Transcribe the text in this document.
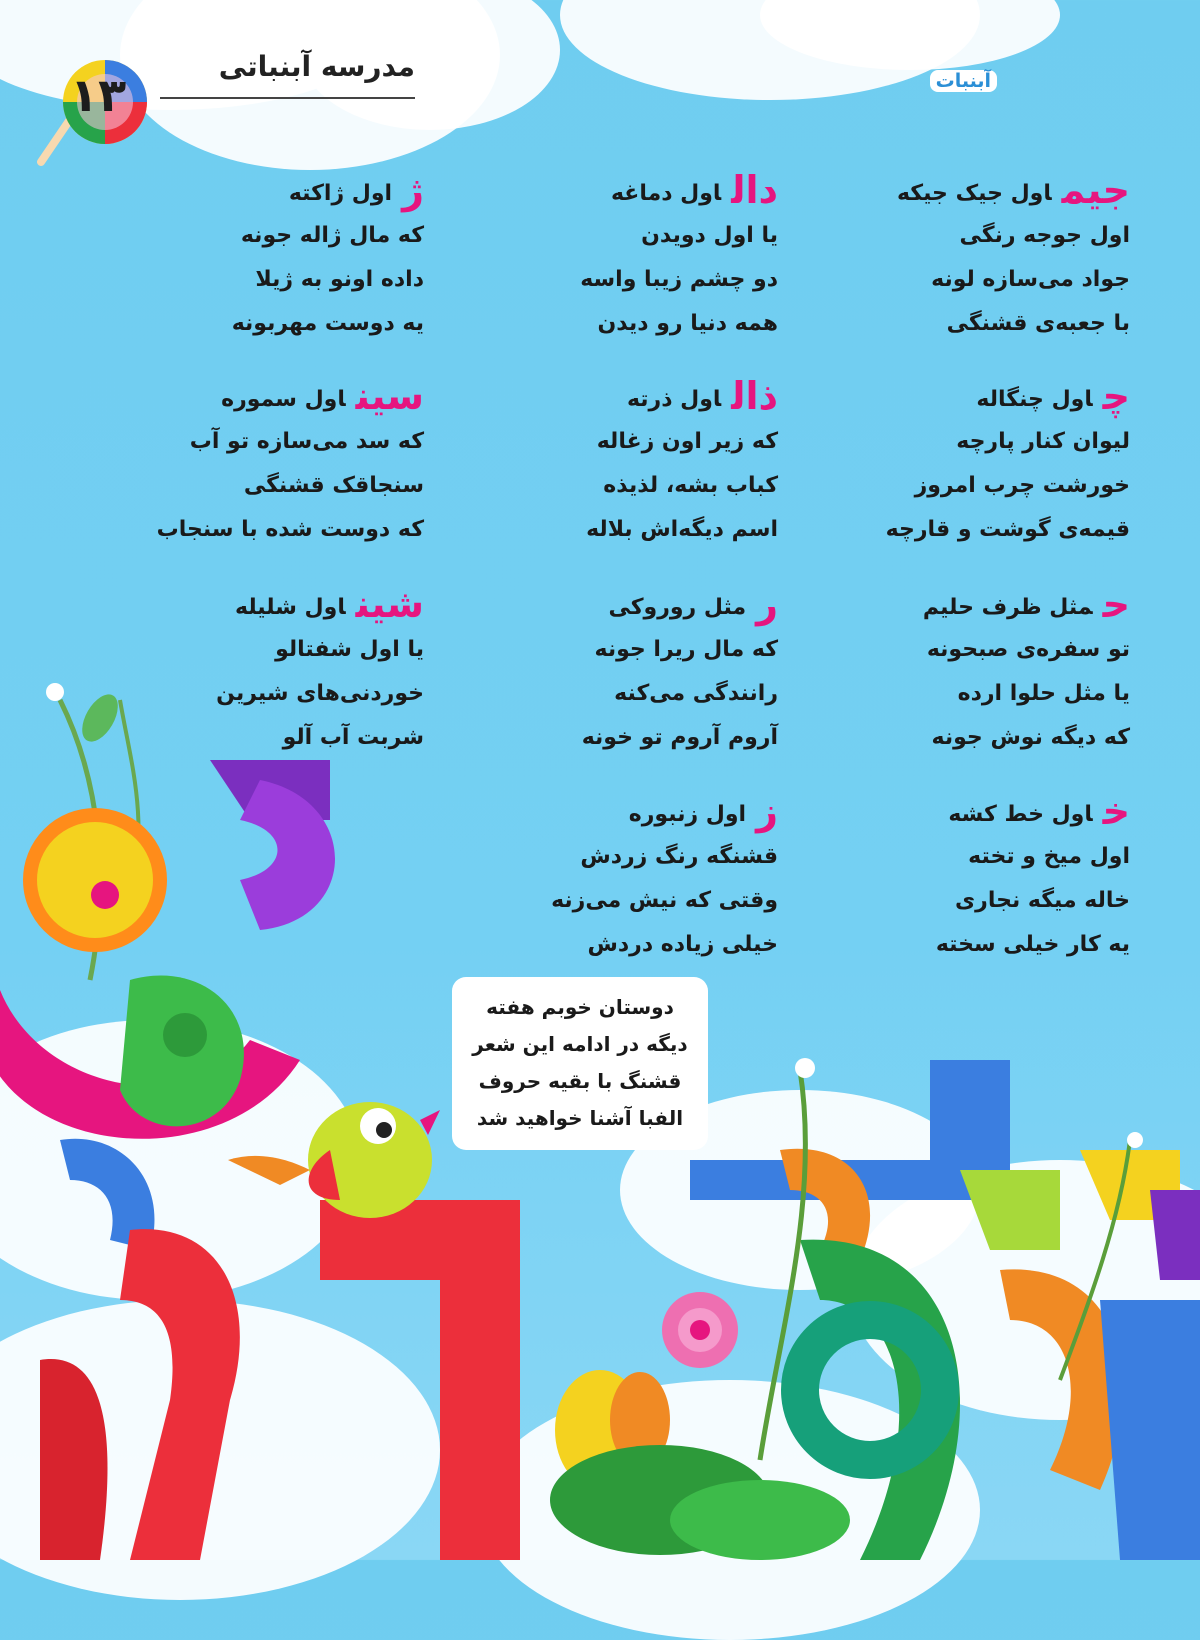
مدرسه آبنباتی
۱۳	آبنبات
جیماول جیک جیکه
اول جوجه رنگی
جواد می‌سازه لونه
با جعبه‌ی قشنگی
چاول چنگاله
لیوان کنار پارچه
خورشت چرب امروز
قیمه‌ی گوشت و قارچه
حمثل ظرف حلیم
تو سفره‌ی صبحونه
یا مثل حلوا ارده
که دیگه نوش جونه
خاول خط کشه
اول میخ و تخته
خاله میگه نجاری
یه کار خیلی سخته
دالاول دماغه
یا اول دویدن
دو چشم زیبا واسه
همه دنیا رو دیدن
ذالاول ذرته
که زیر اون زغاله
کباب بشه، لذیذه
اسم دیگه‌اش بلاله
رمثل روروکی
که مال ریرا جونه
رانندگی می‌کنه
آروم آروم تو خونه
زاول زنبوره
قشنگه رنگ زردش
وقتی که نیش می‌زنه
خیلی زیاده دردش
ژاول ژاکته
که مال ژاله جونه
داده اونو به ژیلا
یه دوست مهربونه
سیناول سموره
که سد می‌سازه تو آب
سنجاقک قشنگی
که دوست شده با سنجاب
شیناول شلیله
یا اول شفتالو
خوردنی‌های شیرین
شربت آب آلو
دوستان خوبم هفته
دیگه در ادامه این شعر
قشنگ با بقیه حروف
الفبا آشنا خواهید شد
